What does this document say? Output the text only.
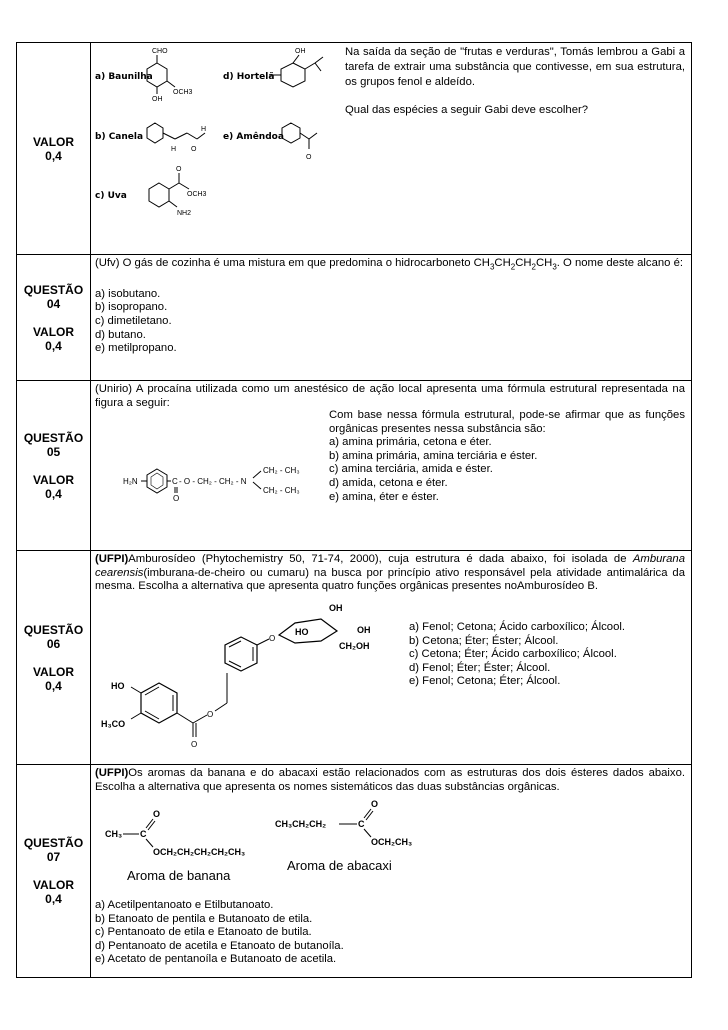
VALOR
0,4
a) Baunilha
CHO
OCH3
OH
d) Hortelã
OH
b) Canela
H
H O
e) Amêndoa
O
c) Uva
O
OCH3
NH2

Na saída da seção de "frutas e verduras", Tomás lembrou a Gabi a tarefa de extrair uma substância que contivesse, em sua estrutura, os grupos fenol e aldeído.

Qual das espécies a seguir Gabi deve escolher?

QUESTÃO
04
VALOR
0,4

(Ufv) O gás de cozinha é uma mistura em que predomina o hidrocarboneto $CH_3CH_2CH_2CH_3$. O nome deste alcano é:

a) isobutano.
b) isopropano.
c) dimetiletano.
d) butano.
e) metilpropano.
QUESTÃO
05
VALOR
0,4

(Unirio) A procaína utilizada como um anestésico de ação local apresenta uma fórmula estrutural representada na figura a seguir:

H₂N	C
O
- O - CH₂ - CH₂ - N
CH₂ - CH₃
CH₂ - CH₃

Com base nessa fórmula estrutural, pode-se afirmar que as funções orgânicas presentes nessa substância são:

a) amina primária, cetona e éter.
b) amina primária, amina terciária e éster.
c) amina terciária, amida e éster.
d) amida, cetona e éter.
e) amina, éter e éster.
QUESTÃO
06
VALOR
0,4

(UFPI)Amburosídeo (Phytochemistry 50, 71-74, 2000), cuja estrutura é dada abaixo, foi isolada de Amburana cearensis(imburana-de-cheiro ou cumaru) na busca por princípio ativo responsável pela atividade antimalárica da mesma. Escolha a alternativa que apresenta quatro funções orgânicas presentes noAmburosídeo B.

HO
H₃CO
O
O
O
OH
OH
HO
CH₂OH
a) Fenol; Cetona; Ácido carboxílico; Álcool.
b) Cetona; Éter; Éster; Álcool.
c) Cetona; Éter; Ácido carboxílico; Álcool.
d) Fenol; Éter; Éster; Álcool.
e) Fenol; Cetona; Éter; Álcool.
QUESTÃO
07
VALOR
0,4

(UFPI)Os aromas da banana e do abacaxi estão relacionados com as estruturas dos dois ésteres dados abaixo. Escolha a alternativa que apresenta os nomes sistemáticos das duas substâncias orgânicas.

CH₃ C
O
OCH₂CH₂CH₂CH₂CH₃
Aroma de banana
CH₃CH₂CH₂	C
O
OCH₂CH₃
Aroma de abacaxi
a) Acetilpentanoato e Etilbutanoato.
b) Etanoato de pentila e Butanoato de etila.
c) Pentanoato de etila e Etanoato de butila.
d) Pentanoato de acetila e Etanoato de butanoíla.
e) Acetato de pentanoíla e Butanoato de acetila.
